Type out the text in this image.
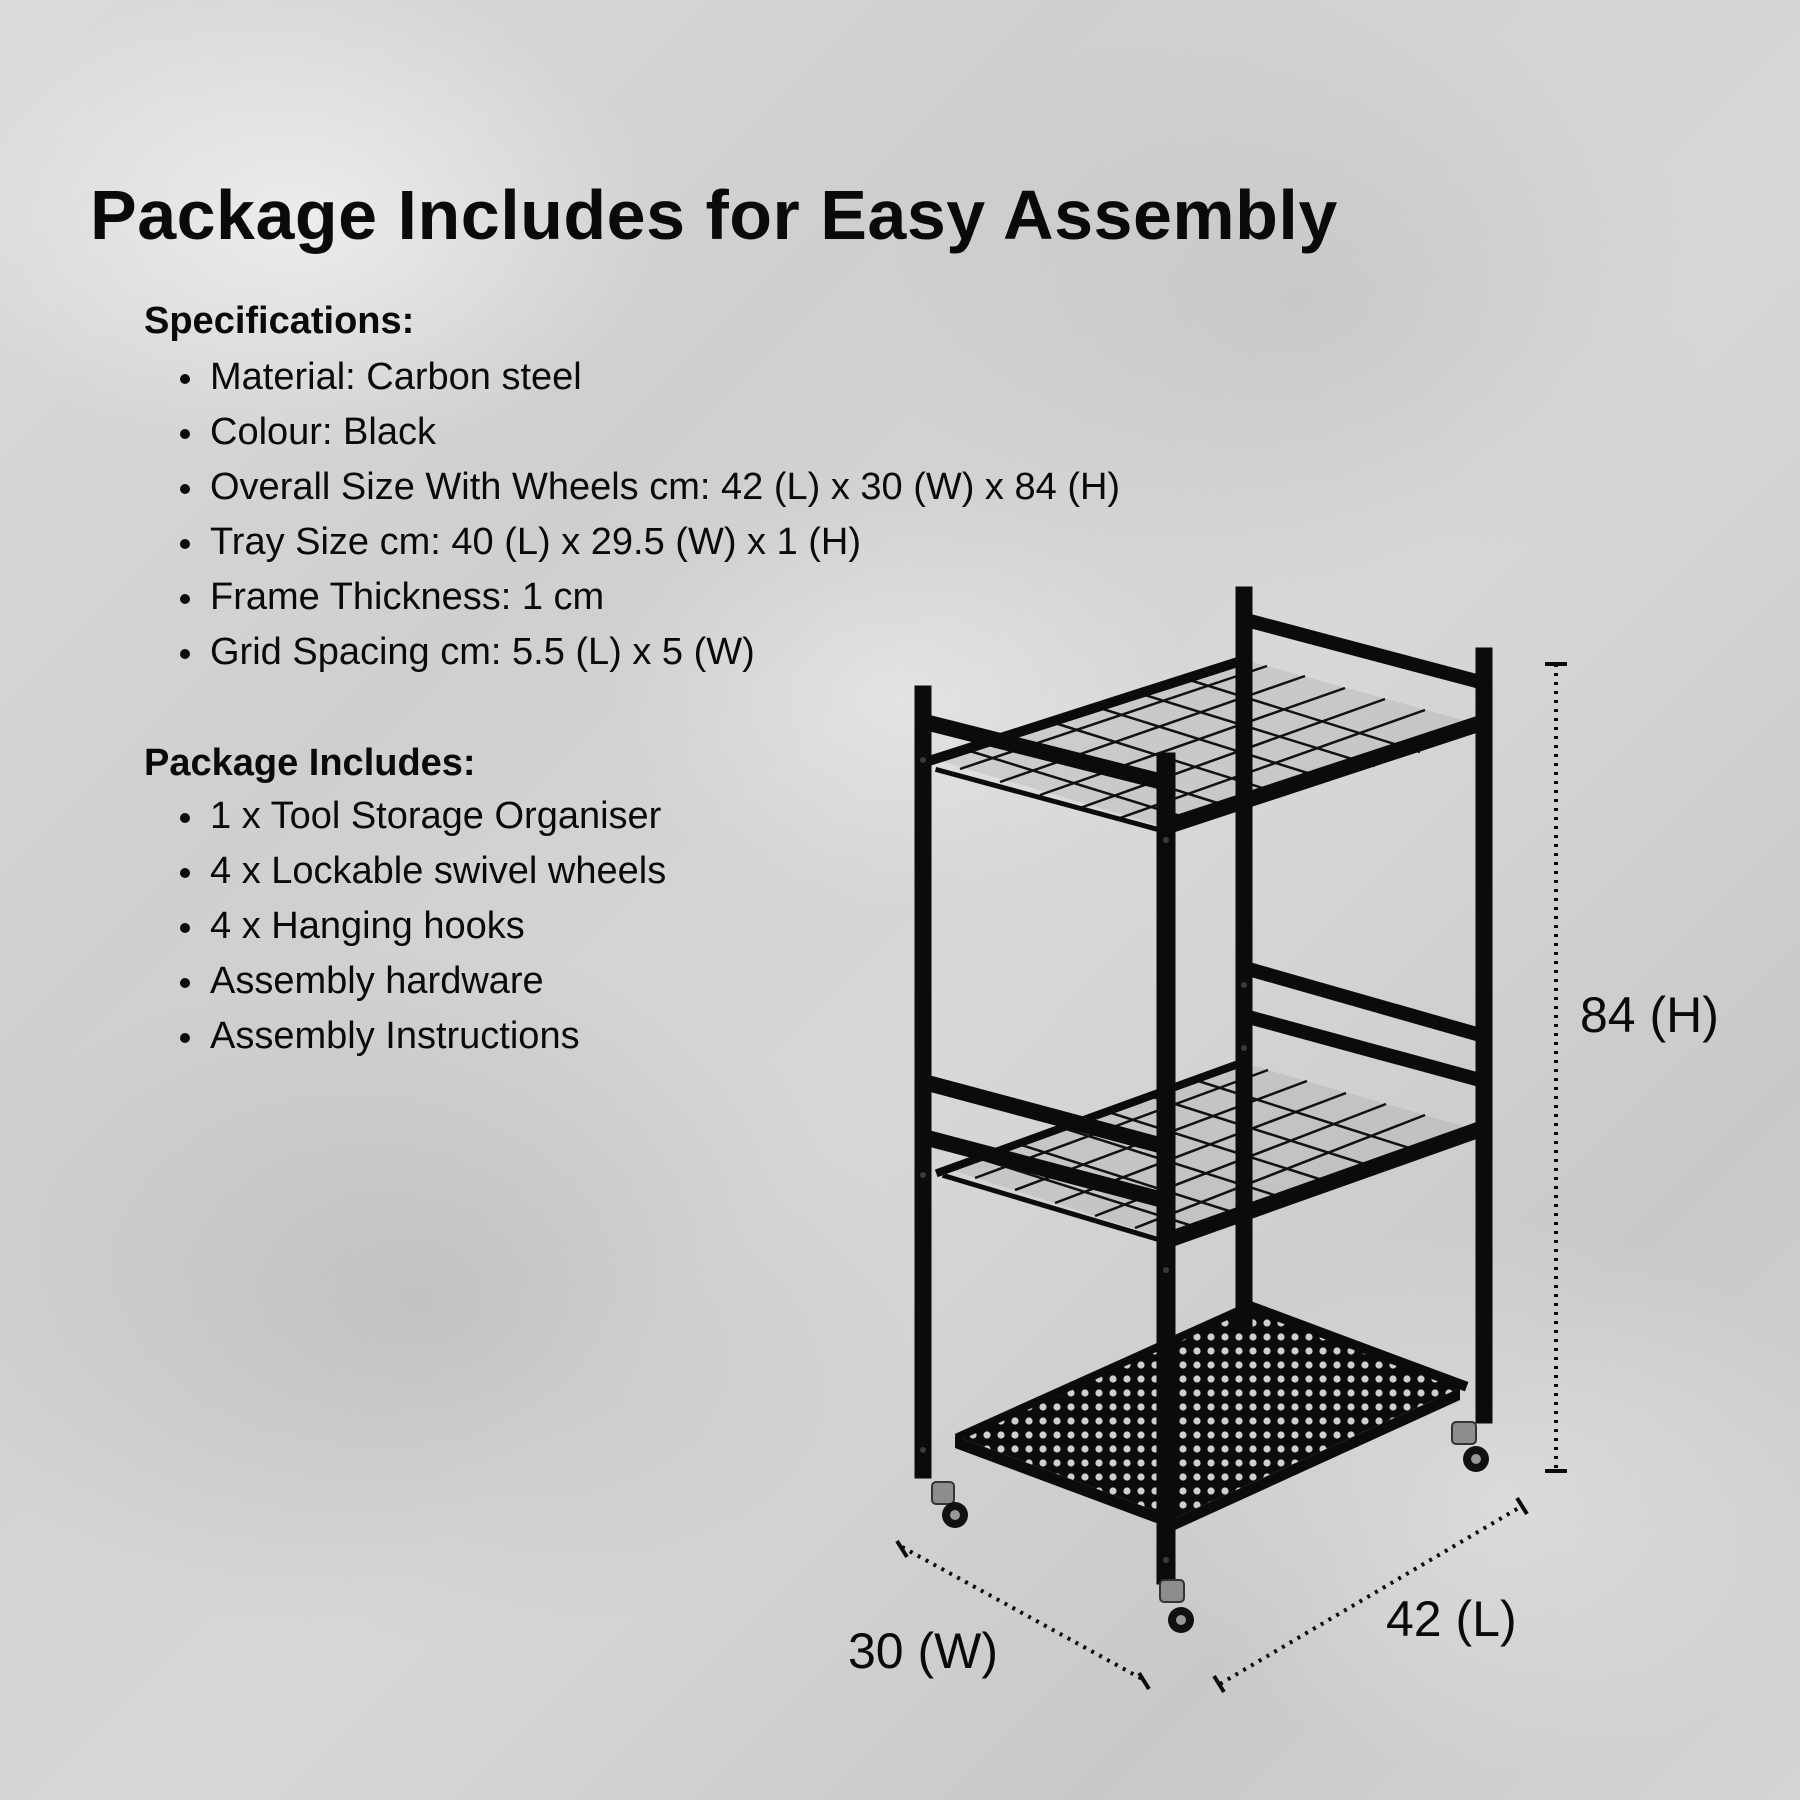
Package Includes for Easy Assembly
Specifications:
Material: Carbon steel
Colour: Black
Overall Size With Wheels cm: 42 (L) x 30 (W) x 84 (H)
Tray Size cm: 40 (L) x 29.5 (W) x 1 (H)
Frame Thickness: 1 cm
Grid Spacing cm: 5.5 (L) x 5 (W)
Package Includes:
1 x Tool Storage Organiser
4 x Lockable swivel wheels
4 x Hanging hooks
Assembly hardware
Assembly Instructions	84 (H)
30 (W)
42 (L)
